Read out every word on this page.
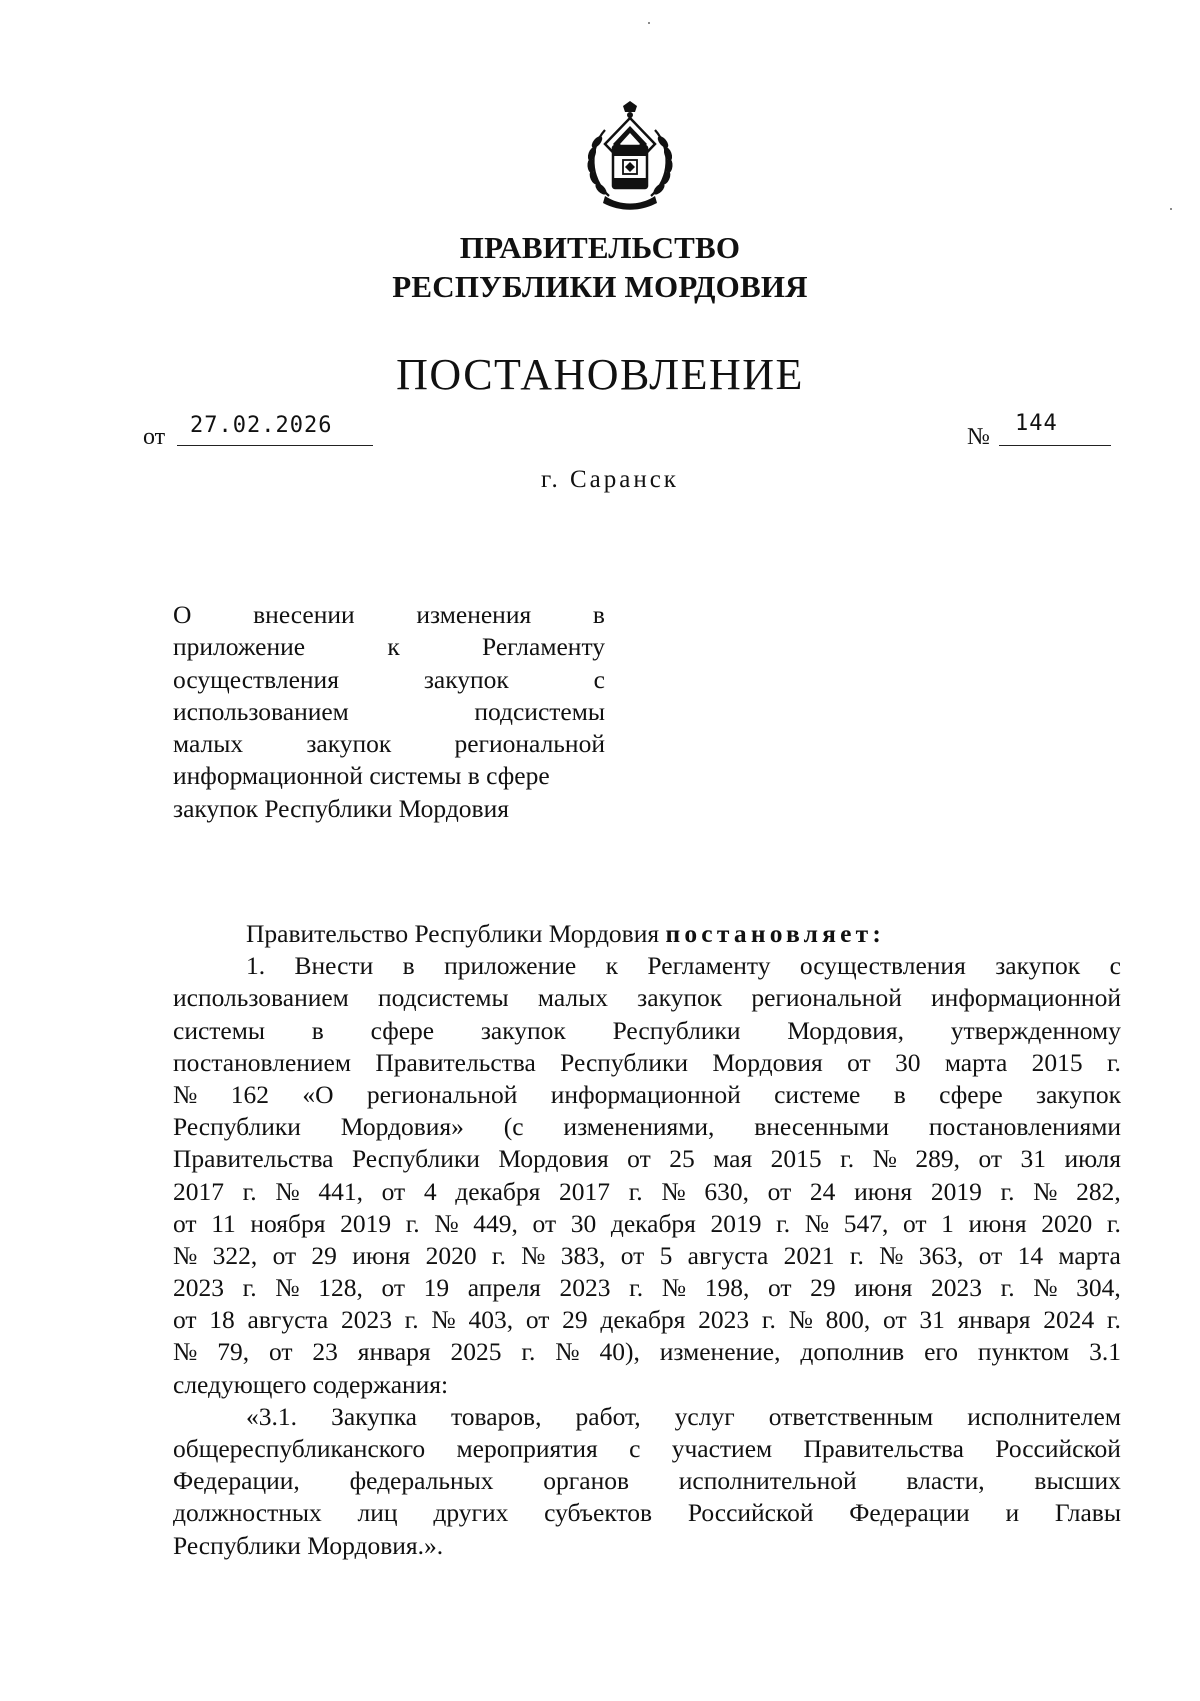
ПРАВИТЕЛЬСТВО
РЕСПУБЛИКИ МОРДОВИЯ
ПОСТАНОВЛЕНИЕ
от 27.02.2026	№
144
г. Саранск
О внесении изменения в
приложение	к	Регламенту
осуществления	закупок	с
использованием	подсистемы
малых закупок региональной
информационной системы в сфере
закупок Республики Мордовия
Правительство Республики Мордовия постановляет:
1. Внести в приложение к Регламенту осуществления закупок с
использованием подсистемы малых закупок региональной информационной
системы в сфере закупок Республики Мордовия, утвержденному
постановлением Правительства Республики Мордовия от 30 марта 2015 г.
№ 162 «О региональной информационной системе в сфере закупок
Республики Мордовия» (с изменениями, внесенными постановлениями
Правительства Республики Мордовия от 25 мая 2015 г. № 289, от 31 июля
2017 г. № 441, от 4 декабря 2017 г. № 630, от 24 июня 2019 г. № 282,
от 11 ноября 2019 г. № 449, от 30 декабря 2019 г. № 547, от 1 июня 2020 г.
№ 322, от 29 июня 2020 г. № 383, от 5 августа 2021 г. № 363, от 14 марта
2023 г. № 128, от 19 апреля 2023 г. № 198, от 29 июня 2023 г. № 304,
от 18 августа 2023 г. № 403, от 29 декабря 2023 г. № 800, от 31 января 2024 г.
№ 79, от 23 января 2025 г. № 40), изменение, дополнив его пунктом 3.1
следующего содержания:
«3.1. Закупка товаров, работ, услуг ответственным исполнителем
общереспубликанского мероприятия с участием Правительства Российской
Федерации, федеральных органов исполнительной власти, высших
должностных лиц других субъектов Российской Федерации и Главы
Республики Мордовия.».
